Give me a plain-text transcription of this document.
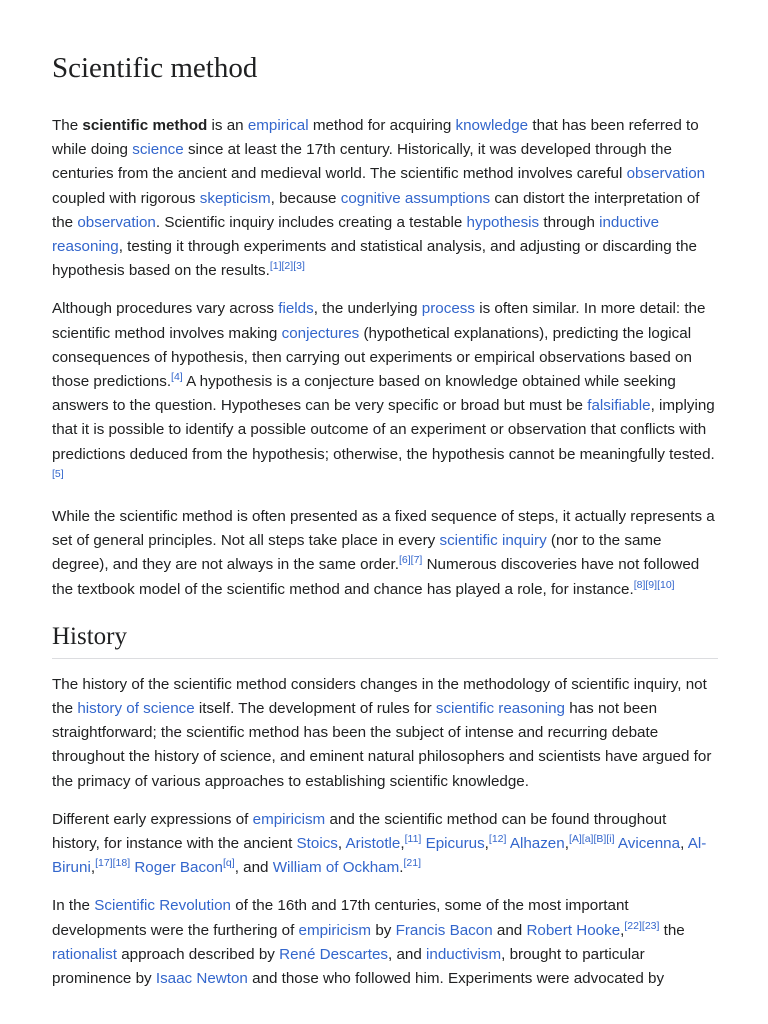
Scientific method

The scientific method is an empirical method for acquiring knowledge that has been referred to while doing science since at least the 17th century. Historically, it was developed through the centuries from the ancient and medieval world. The scientific method involves careful observation coupled with rigorous skepticism, because cognitive assumptions can distort the interpretation of the observation. Scientific inquiry includes creating a testable hypothesis through inductive reasoning, testing it through experiments and statistical analysis, and adjusting or discarding the hypothesis based on the results.[1][2][3]

Although procedures vary across fields, the underlying process is often similar. In more detail: the scientific method involves making conjectures (hypothetical explanations), predicting the logical consequences of hypothesis, then carrying out experiments or empirical observations based on those predictions.[4] A hypothesis is a conjecture based on knowledge obtained while seeking answers to the question. Hypotheses can be very specific or broad but must be falsifiable, implying that it is possible to identify a possible outcome of an experiment or observation that conflicts with predictions deduced from the hypothesis; otherwise, the hypothesis cannot be meaningfully tested.[5]

While the scientific method is often presented as a fixed sequence of steps, it actually represents a set of general principles. Not all steps take place in every scientific inquiry (nor to the same degree), and they are not always in the same order.[6][7] Numerous discoveries have not followed the textbook model of the scientific method and chance has played a role, for instance.[8][9][10]

History

The history of the scientific method considers changes in the methodology of scientific inquiry, not the history of science itself. The development of rules for scientific reasoning has not been straightforward; the scientific method has been the subject of intense and recurring debate throughout the history of science, and eminent natural philosophers and scientists have argued for the primacy of various approaches to establishing scientific knowledge.

Different early expressions of empiricism and the scientific method can be found throughout history, for instance with the ancient Stoics, Aristotle,[11] Epicurus,[12] Alhazen,[A][a][B][i] Avicenna, Al-Biruni,[17][18] Roger Bacon[q], and William of Ockham.[21]

In the Scientific Revolution of the 16th and 17th centuries, some of the most important developments were the furthering of empiricism by Francis Bacon and Robert Hooke,[22][23] the rationalist approach described by René Descartes, and inductivism, brought to particular prominence by Isaac Newton and those who followed him. Experiments were advocated by
